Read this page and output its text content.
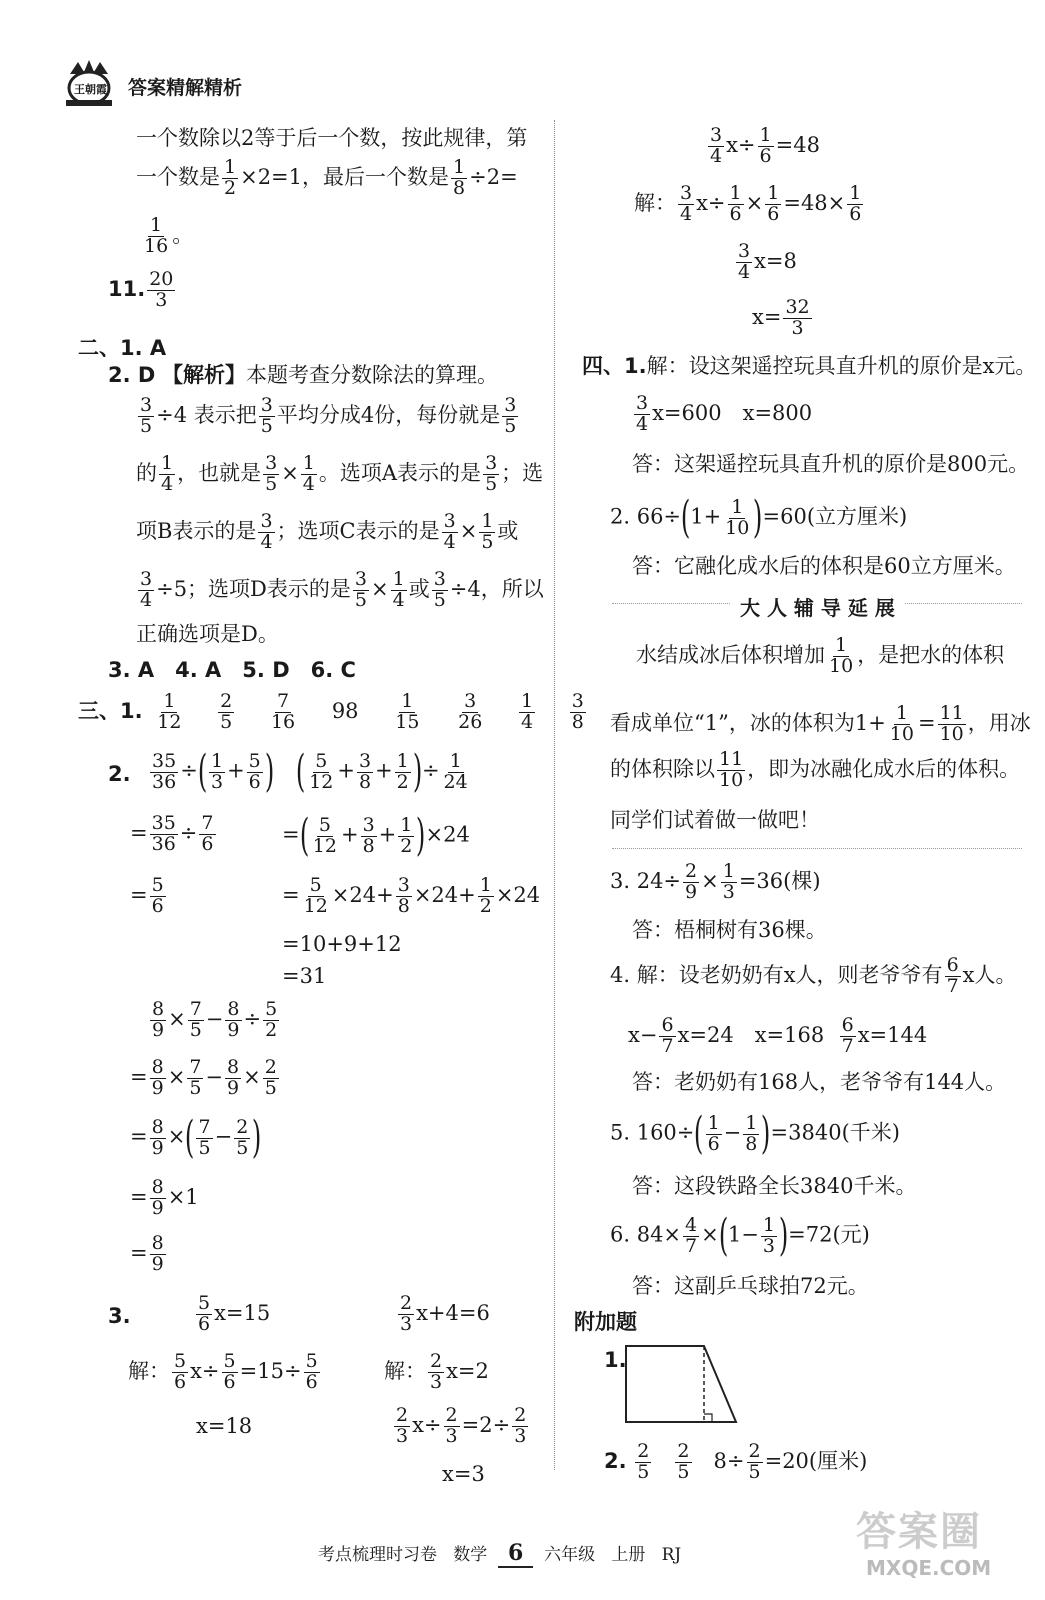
王朝霞 答案精解精析
一个数除以2等于后一个数，按此规律，第
一个数是 $\frac{1}{2} \times 2=1$，最后一个数是 $\frac{1}{8} \div 2=$
$\frac{1}{16}$ 。
11. $\frac{20}{3}$
二、1. A
2. D 【解析】本题考查分数除法的算理。
$\frac{3}{5} \div 4$ 表示把 $\frac{3}{5}$ 平均分成4份，每份就是 $\frac{3}{5}$
的 $\frac{1}{4}$ ，也就是 $\frac{3}{5} \times \frac{1}{4}$ 。选项A表示的是 $\frac{3}{5}$ ；选
项B表示的是 $\frac{3}{4}$ ；选项C表示的是 $\frac{3}{4} \times \frac{1}{5}$ 或
$\frac{3}{4} \div 5$；选项D表示的是 $\frac{3}{5} \times \frac{1}{4}$ 或 $\frac{3}{5} \div 4$，所以
正确选项是D。
3. A　4. A　5. D　6. C
三、1. $\frac{1}{12}$
$\frac{2}{5}$
$\frac{7}{16} 98 \frac{1}{15}$
$\frac{3}{26}$
$\frac{1}{4}$
$\frac{3}{8}$
2. $\frac{35}{36}$ ÷( $\frac{1}{3} + \frac{5}{6}$ )
= $\frac{35}{36} \div \frac{7}{6}$
= $\frac{5}{6}$
( $\frac{5}{12} + \frac{3}{8} + \frac{1}{2}$ )÷ $\frac{1}{24}$
=( $\frac{5}{12} + \frac{3}{8} + \frac{1}{2} )\times 24$
= $\frac{5}{12} \times 24+ \frac{3}{8} \times 24+ \frac{1}{2} \times 24$
=10+9+12
=31
$\frac{8}{9} \times \frac{7}{5} - \frac{8}{9} \div \frac{5}{2}$
= $\frac{8}{9} \times \frac{7}{5} - \frac{8}{9} \times \frac{2}{5}$
= $\frac{8}{9}$ ×( $\frac{7}{5} - \frac{2}{5}$ )
= $\frac{8}{9} \times 1$
= $\frac{8}{9}$
3.	$\frac{5}{6} x=15$
解： $\frac{5}{6} x\div \frac{5}{6} =15\div \frac{5}{6}$
x=18
$\frac{2}{3} x+4=6$
解： $\frac{2}{3} x=2$
$\frac{2}{3} x\div \frac{2}{3} =2\div \frac{2}{3}$
x=3
$\frac{3}{4} x\div \frac{1}{6} =48$
解： $\frac{3}{4} x\div \frac{1}{6} \times \frac{1}{6} =48\times \frac{1}{6}$
$\frac{3}{4} x=8$
$x= \frac{32}{3}$
四、1.解：设这架遥控玩具直升机的原价是x元。
$\frac{3}{4} x=600$　x=800
答：这架遥控玩具直升机的原价是800元。
2. $66\div(1+ \frac{1}{10} )=60$(立方厘米)
答：它融化成水后的体积是60立方厘米。
大 人 辅 导 延 展
水结成冰后体积增加 $\frac{1}{10}$ ，是把水的体积
看成单位“1”，冰的体积为$1+ \frac{1}{10} = \frac{11}{10}$ ，用冰
的体积除以 $\frac{11}{10}$ ，即为冰融化成水后的体积。
同学们试着做一做吧！
3. $24\div \frac{2}{9} \times \frac{1}{3} =36$(棵)
答：梧桐树有36棵。
4. 解：设老奶奶有x人，则老爷爷有 $\frac{6}{7}$ x人。
$x- \frac{6}{7} x=24$　$x=168 \frac{6}{7} x=144$
答：老奶奶有168人，老爷爷有144人。
5. $160\div( \frac{1}{6} - \frac{1}{8} )=3840$(千米)
答：这段铁路全长3840千米。
6. $84\times \frac{4}{7} \times(1- \frac{1}{3} )=72$(元)
答：这副乒乓球拍72元。
附加题
1.
2. $\frac{2}{5}$
$\frac{2}{5} 8\div \frac{2}{5} =20$(厘米)
答案圈
MXQE.COM
考点梳理时习卷 数学 6 六年级 上册 RJ
